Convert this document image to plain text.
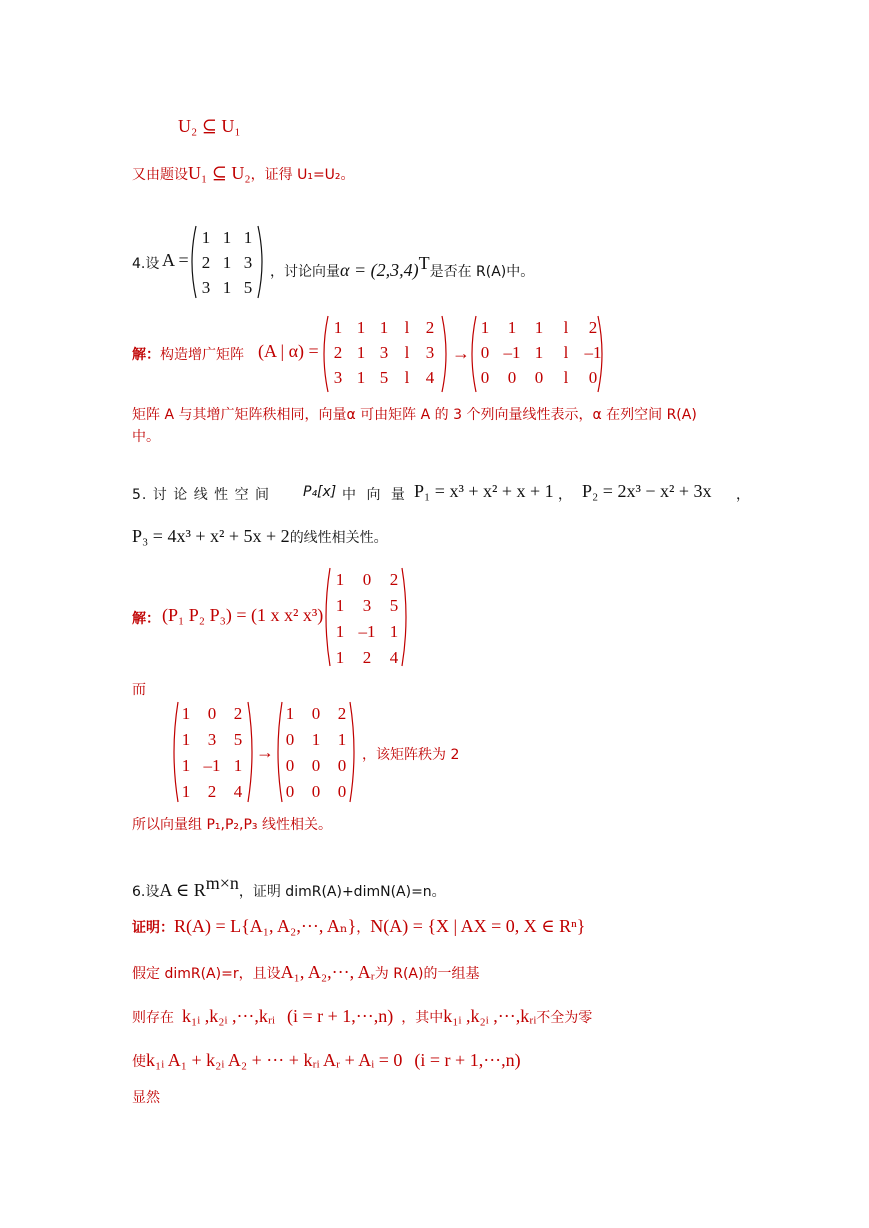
U₂ ⊆ U₁
又由题设U₁ ⊆ U₂，证得 U₁=U₂。
4.设 A =
1 1 1
2 1 3
3 1 5
，讨论向量$\alpha = (2,3,4)^T$是否在 R(A)中。
解：构造增广矩阵 (A | α) =	→
1 1 1 l 2
2 1 3 l 3
3 1 5 l 4
1 1 1 l 2
0 –1 1 l –1
0 0 0 l 0
矩阵 A 与其增广矩阵秩相同，向量α 可由矩阵 A 的 3 个列向量线性表示，α 在列空间 R(A)
中。
5. 讨 论 线 性 空 间 P₄[x] 中 向 量 P₁ = x³ + x² + x + 1 ， P₂ = 2x³ − x² + 3x ，
P₃ = 4x³ + x² + 5x + 2的线性相关性。
解： (P₁ P₂ P₃) = (1 x x² x³)
1 0 2
1 3 5
1 –1 1
1 2 4
而
→
1 0 2
1 3 5
1 –1 1
1 2 4
1 0 2
0 1 1
0 0 0
0 0 0
，该矩阵秩为 2
所以向量组 P₁,P₂,P₃ 线性相关。
6.设A ∈ $R^{m\times n}$，证明 dimR(A)+dimN(A)=n。
证明：R(A) = L{A₁, A₂,···, Aₙ}，N(A) = {X | AX = 0, X ∈ Rⁿ}
假定 dimR(A)=r，且设A₁, A₂,···, Aᵣ为 R(A)的一组基
则存在 k₁ᵢ ,k₂ᵢ ,···,kᵣᵢ (i = r + 1,···,n) ，其中k₁ᵢ ,k₂ᵢ ,···,kᵣᵢ不全为零
使k₁ᵢ A₁ + k₂ᵢ A₂ + ··· + kᵣᵢ Aᵣ + Aᵢ = 0 (i = r + 1,···,n)
显然
